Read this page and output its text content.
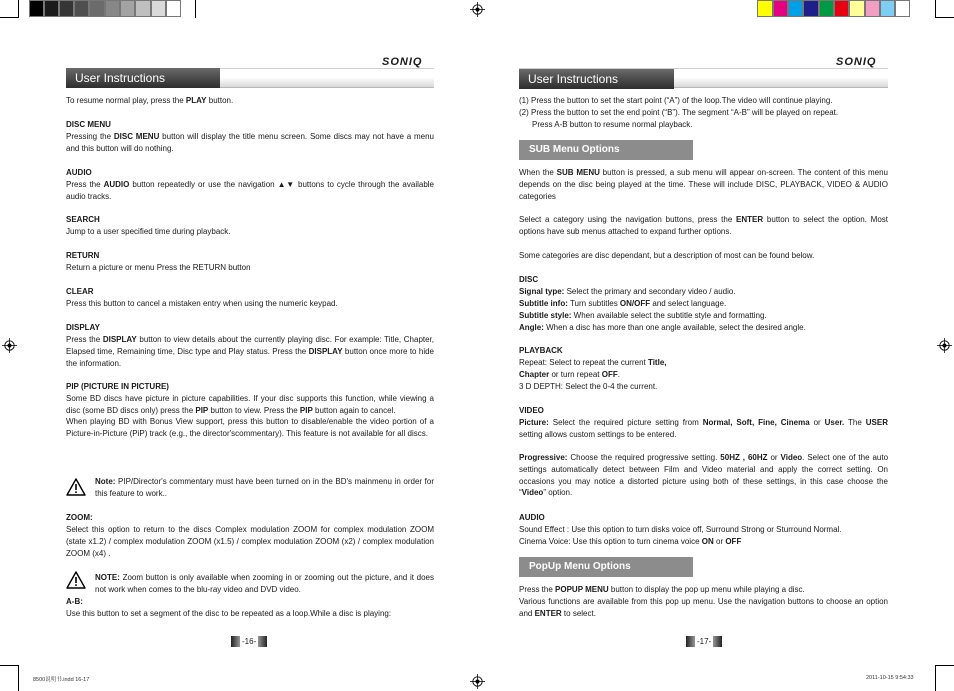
SONIQ
User Instructions
To resume normal play, press the PLAY button.
DISC MENU
Pressing the DISC MENU button will display the title menu screen. Some discs may not have a menu and this button will do nothing.
AUDIO
Press the AUDIO button repeatedly or use the navigation ▲▼ buttons to cycle through the available audio tracks.
SEARCH
Jump to a user specified time during playback.
RETURN
Return a picture or menu Press the RETURN button
CLEAR
Press this button to cancel a mistaken entry when using the numeric keypad.
DISPLAY
Press the DISPLAY button to view details about the currently playing disc. For example: Title, Chapter, Elapsed time, Remaining time, Disc type and Play status. Press the DISPLAY button once more to hide the information.
PIP (PICTURE IN PICTURE)
Some BD discs have picture in picture capabilities. If your disc supports this function, while viewing a disc (some BD discs only) press the PIP button to view. Press the PIP button again to cancel.
When playing BD with Bonus View support, press this button to disable/enable the video portion of a Picture-in-Picture (PiP) track (e.g., the director'scommentary). This feature is not available for all discs.
Note: PIP/Director's commentary must have been turned on in the BD's mainmenu in order for this feature to work..
ZOOM:
Select this option to return to the discs Complex modulation ZOOM for complex modulation ZOOM (state x1.2) / complex modulation ZOOM (x1.5) / complex modulation ZOOM (x2) / complex modulation ZOOM (x4) .
NOTE: Zoom button is only available when zooming in or zooming out the picture, and it does not work when comes to the blu-ray video and DVD video.
A-B:
Use this button to set a segment of the disc to be repeated as a loop.While a disc is playing:
-16-
SONIQ
User Instructions
(1) Press the button to set the start point (“A”) of the loop.The video will continue playing.
(2) Press the button to set the end point (“B”). The segment “A-B” will be played on repeat.
Press A-B button to resume normal playback.
SUB Menu Options
When the SUB MENU button is pressed, a sub menu will appear on-screen. The content of this menu depends on the disc being played at the time. These will include DISC, PLAYBACK, VIDEO & AUDIO categories
Select a category using the navigation buttons, press the ENTER button to select the option. Most options have sub menus attached to expand further options.
Some categories are disc dependant, but a description of most can be found below.
DISC
Signal type: Select the primary and secondary video / audio.
Subtitle info: Turn subtitles ON/OFF and select language.
Subtitle style: When available select the subtitle style and formatting.
Angle: When a disc has more than one angle available, select the desired angle.
PLAYBACK
Repeat: Select to repeat the current Title,
Chapter or turn repeat OFF.
3 D DEPTH: Select the 0-4 the current.
VIDEO
Picture: Select the required picture setting from Normal, Soft, Fine, Cinema or User. The USER setting allows custom settings to be entered.
Progressive: Choose the required progressive setting. 50HZ , 60HZ or Video. Select one of the auto settings automatically detect between Film and Video material and apply the correct setting. On occasions you may notice a distorted picture using both of these settings, in this case choose the “Video” option.
AUDIO
Sound Effect : Use this option to turn disks voice off, Surround Strong or Sturround Normal.
Cinema Voice: Use this option to turn cinema voice ON or OFF
PopUp Menu Options
Press the POPUP MENU button to display the pop up menu while playing a disc.
Various functions are available from this pop up menu. Use the navigation buttons to choose an option and ENTER to select.
-17-
8500说明书.indd 16-17	2011-10-15 9:54:33
